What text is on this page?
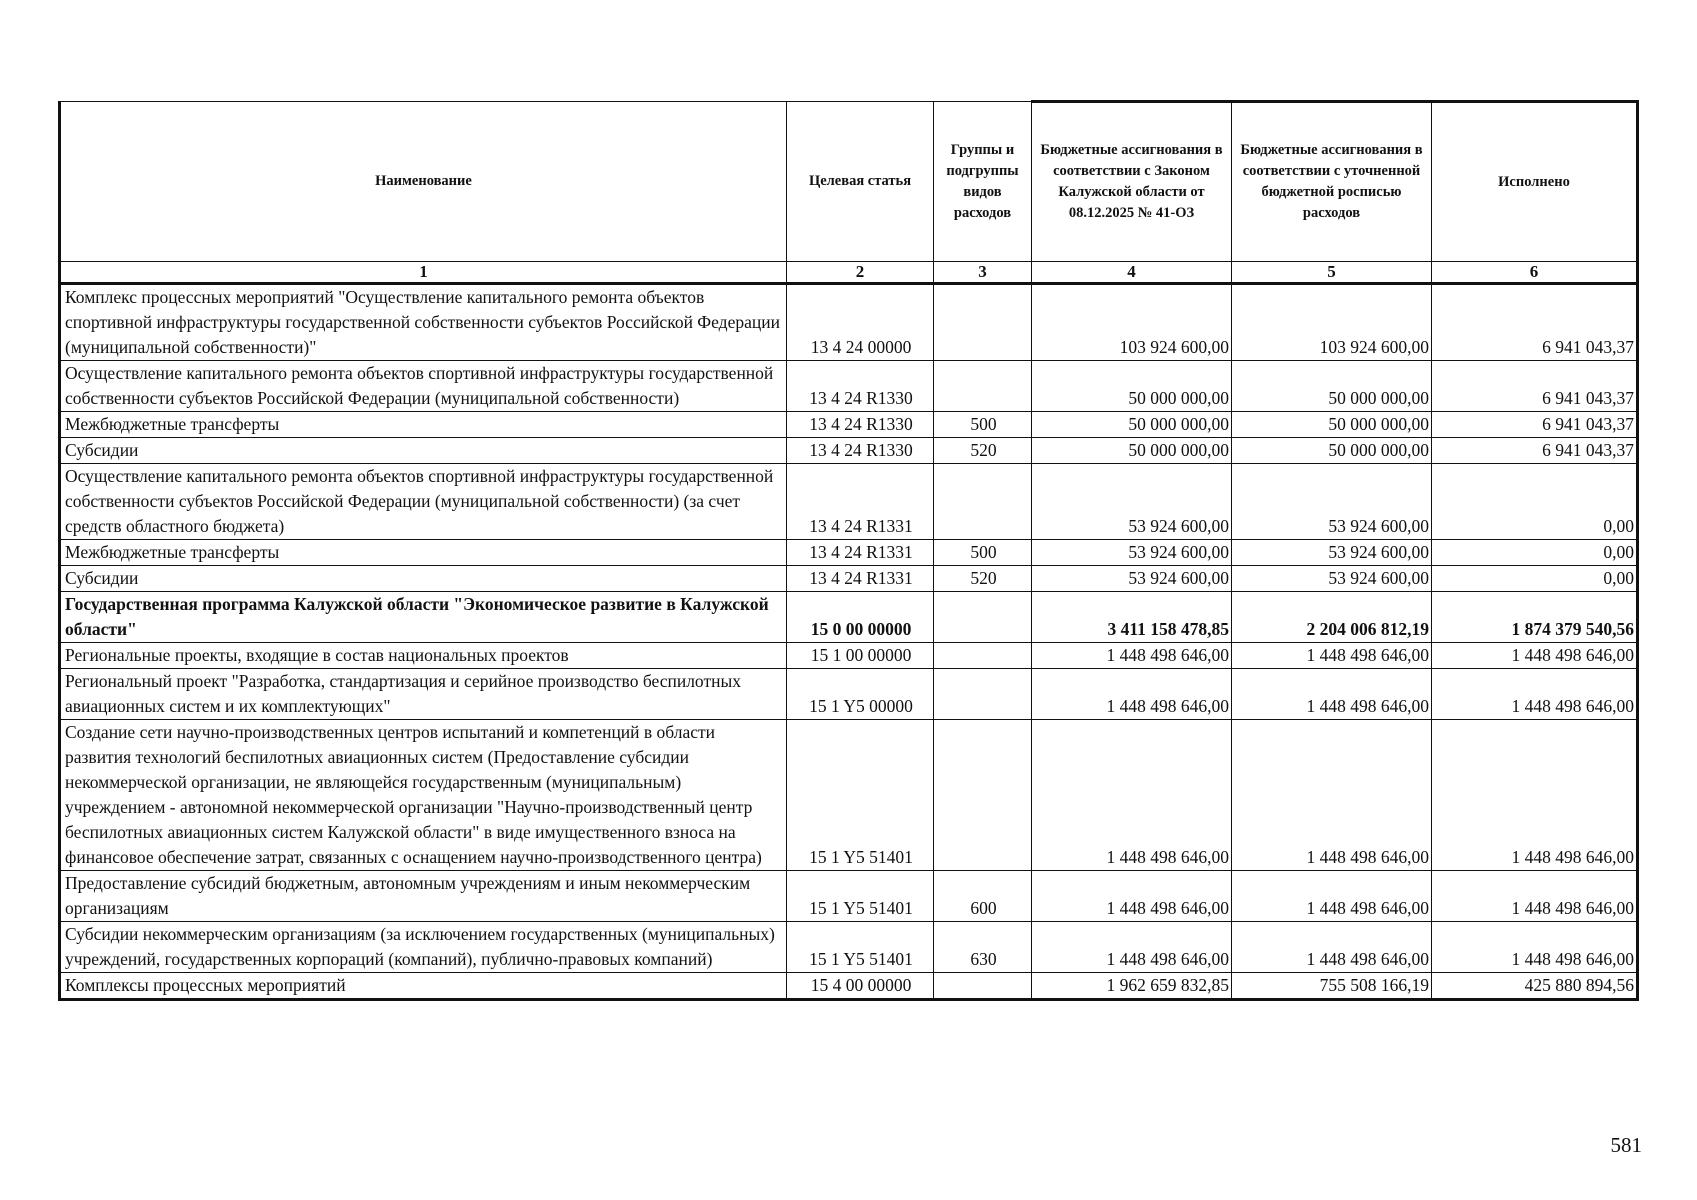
Наименование	Целевая статья	Группы и подгруппы видов расходов	Бюджетные ассигнования в соответствии с Законом Калужской области от 08.12.2025 № 41-ОЗ	Бюджетные ассигнования в соответствии с уточненной бюджетной росписью расходов	Исполнено
1	2	3	4	5	6
Комплекс процессных мероприятий "Осуществление капитального ремонта объектов спортивной инфраструктуры государственной собственности субъектов Российской Федерации (муниципальной собственности)"	13 4 24 00000		103 924 600,00	103 924 600,00	6 941 043,37
Осуществление капитального ремонта объектов спортивной инфраструктуры государственной собственности субъектов Российской Федерации (муниципальной собственности)	13 4 24 R1330		50 000 000,00	50 000 000,00	6 941 043,37
Межбюджетные трансферты	13 4 24 R1330	500	50 000 000,00	50 000 000,00	6 941 043,37
Субсидии	13 4 24 R1330	520	50 000 000,00	50 000 000,00	6 941 043,37
Осуществление капитального ремонта объектов спортивной инфраструктуры государственной собственности субъектов Российской Федерации (муниципальной собственности) (за счет средств областного бюджета)	13 4 24 R1331		53 924 600,00	53 924 600,00	0,00
Межбюджетные трансферты	13 4 24 R1331	500	53 924 600,00	53 924 600,00	0,00
Субсидии	13 4 24 R1331	520	53 924 600,00	53 924 600,00	0,00
Государственная программа Калужской области "Экономическое развитие в Калужской области"	15 0 00 00000		3 411 158 478,85	2 204 006 812,19	1 874 379 540,56
Региональные проекты, входящие в состав национальных проектов	15 1 00 00000		1 448 498 646,00	1 448 498 646,00	1 448 498 646,00
Региональный проект "Разработка, стандартизация и серийное производство беспилотных авиационных систем и их комплектующих"	15 1 Y5 00000		1 448 498 646,00	1 448 498 646,00	1 448 498 646,00
Создание сети научно-производственных центров испытаний и компетенций в области развития технологий беспилотных авиационных систем (Предоставление субсидии некоммерческой организации, не являющейся государственным (муниципальным) учреждением - автономной некоммерческой организации "Научно-производственный центр беспилотных авиационных систем Калужской области" в виде имущественного взноса на финансовое обеспечение затрат, связанных с оснащением научно-производственного центра)	15 1 Y5 51401		1 448 498 646,00	1 448 498 646,00	1 448 498 646,00
Предоставление субсидий бюджетным, автономным учреждениям и иным некоммерческим организациям	15 1 Y5 51401	600	1 448 498 646,00	1 448 498 646,00	1 448 498 646,00
Субсидии некоммерческим организациям (за исключением государственных (муниципальных) учреждений, государственных корпораций (компаний), публично-правовых компаний)	15 1 Y5 51401	630	1 448 498 646,00	1 448 498 646,00	1 448 498 646,00
Комплексы процессных мероприятий	15 4 00 00000		1 962 659 832,85	755 508 166,19	425 880 894,56
581
